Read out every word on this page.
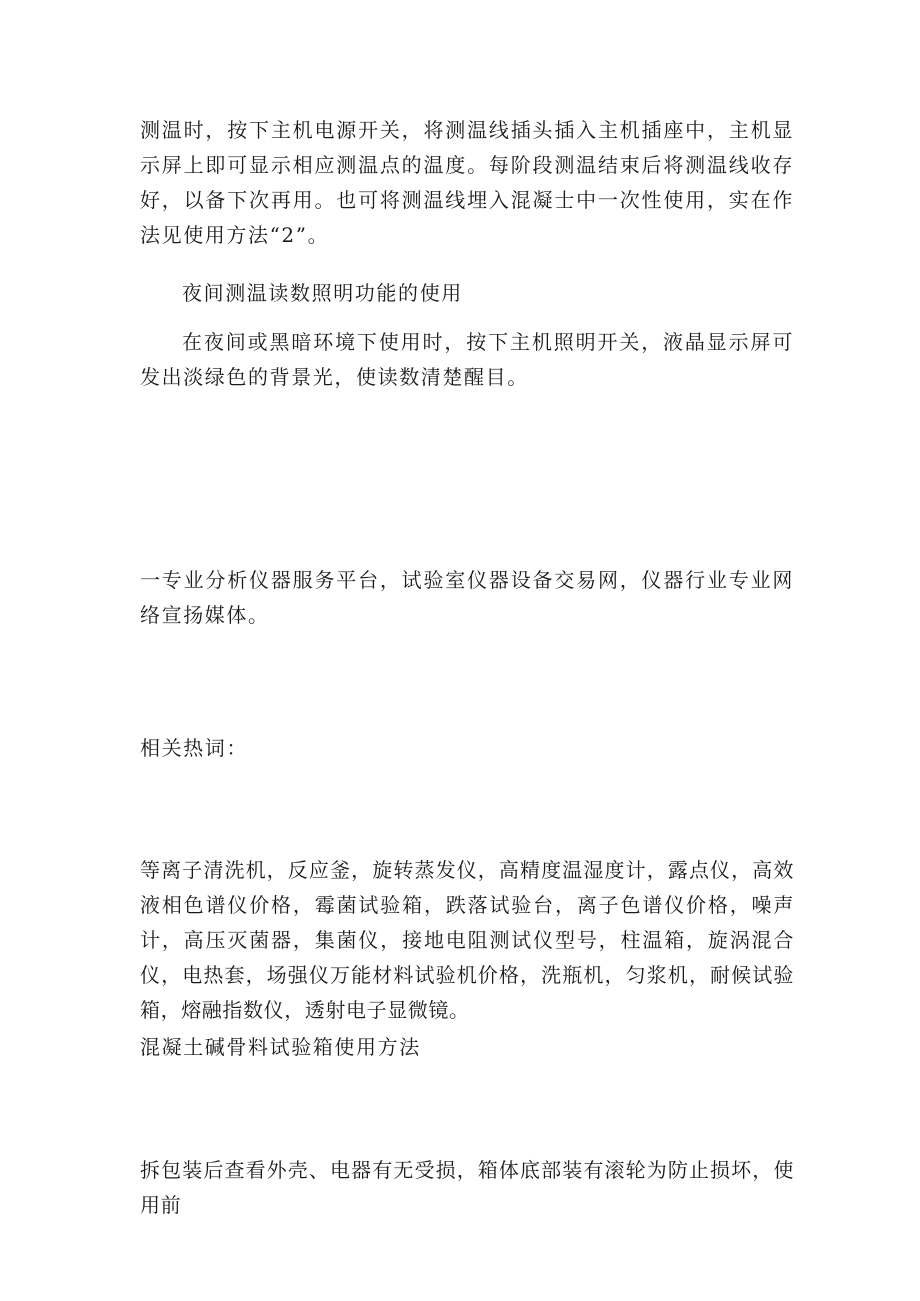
测温时，按下主机电源开关，将测温线插头插入主机插座中，主机显示屏上即可显示相应测温点的温度。每阶段测温结束后将测温线收存好，以备下次再用。也可将测温线埋入混凝士中一次性使用，实在作法见使用方法“2”。

夜间测温读数照明功能的使用

在夜间或黑暗环境下使用时，按下主机照明开关，液晶显示屏可发出淡绿色的背景光，使读数清楚醒目。

一专业分析仪器服务平台，试验室仪器设备交易网，仪器行业专业网络宣扬媒体。

相关热词：

等离子清洗机，反应釜，旋转蒸发仪，高精度温湿度计，露点仪，高效液相色谱仪价格，霉菌试验箱，跌落试验台，离子色谱仪价格，噪声计，高压灭菌器，集菌仪，接地电阻测试仪型号，柱温箱，旋涡混合仪，电热套，场强仪万能材料试验机价格，洗瓶机，匀浆机，耐候试验箱，熔融指数仪，透射电子显微镜。

混凝土碱骨料试验箱使用方法

拆包装后查看外壳、电器有无受损，箱体底部装有滚轮为防止损坏，使用前
